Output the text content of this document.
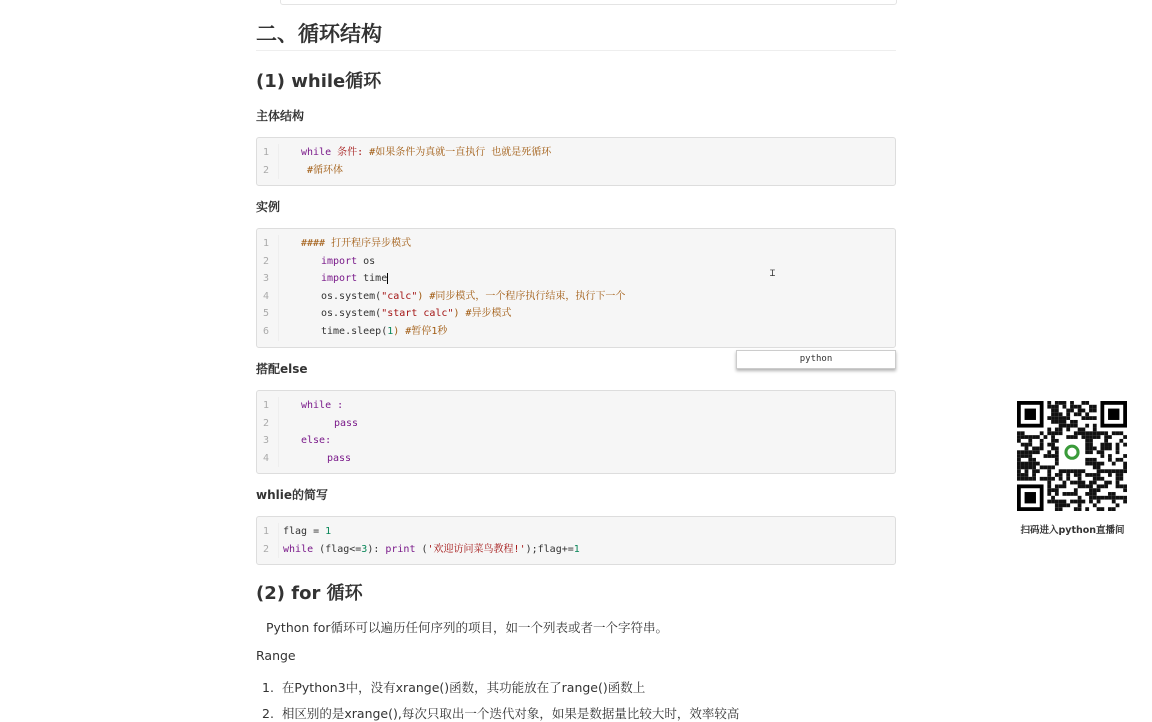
二、循环结构
(1) while循环
主体结构
1	while 条件: #如果条件为真就一直执行 也就是死循环
2	#循环体
实例
1	#### 打开程序异步模式
2	import os
3	import time
4	os.system("calc") #同步模式，一个程序执行结束，执行下一个
5	os.system("start calc") #异步模式
6	time.sleep(1) #暂停1秒
Ɪ
python
搭配else
1	while :
2	pass
3	else:
4	pass
whlie的简写
1	flag = 1
2	while (flag<=3): print ('欢迎访问菜鸟教程!');flag+=1
(2) for 循环
Python for循环可以遍历任何序列的项目，如一个列表或者一个字符串。
Range
1.  在Python3中，没有xrange()函数，其功能放在了range()函数上
2.  相区别的是xrange(),每次只取出一个迭代对象，如果是数据量比较大时，效率较高
扫码进入python直播间
